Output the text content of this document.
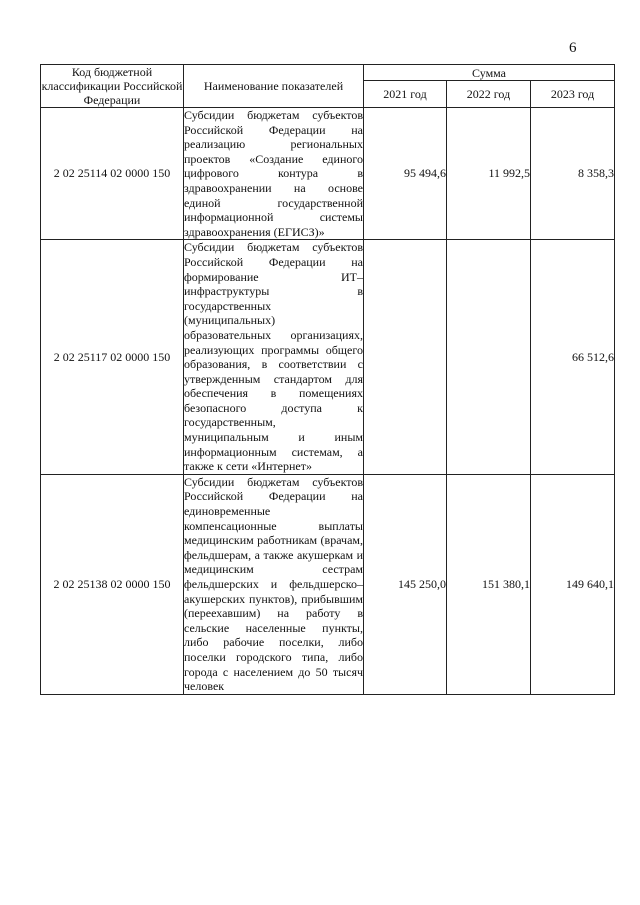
6
Код бюджетной классификации Российской Федерации	Наименование показателей	Сумма		
		2021 год	2022 год	2023 год
2 02 25114 02 0000 150	Субсидии бюджетам субъектов Российской Федерации на реализацию региональных проектов «Создание единого цифрового контура в здравоохранении на основе единой государственной информационной системы здравоохранения (ЕГИСЗ)»	95 494,6	11 992,5	8 358,3
2 02 25117 02 0000 150	Субсидии бюджетам субъектов Российской Федерации на формирование ИТ–инфраструктуры в государственных (муниципальных) образовательных организациях, реализующих программы общего образования, в соответствии с утвержденным стандартом для обеспечения в помещениях безопасного доступа к государственным, муниципальным и иным информационным системам, а также к сети «Интернет»			66 512,6
2 02 25138 02 0000 150	Субсидии бюджетам субъектов Российской Федерации на единовременные компенсационные выплаты медицинским работникам (врачам, фельдшерам, а также акушеркам и медицинским сестрам фельдшерских и фельдшерско–акушерских пунктов), прибывшим (переехавшим) на работу в сельские населенные пункты, либо рабочие поселки, либо поселки городского типа, либо города с населением до 50 тысяч человек	145 250,0	151 380,1	149 640,1
